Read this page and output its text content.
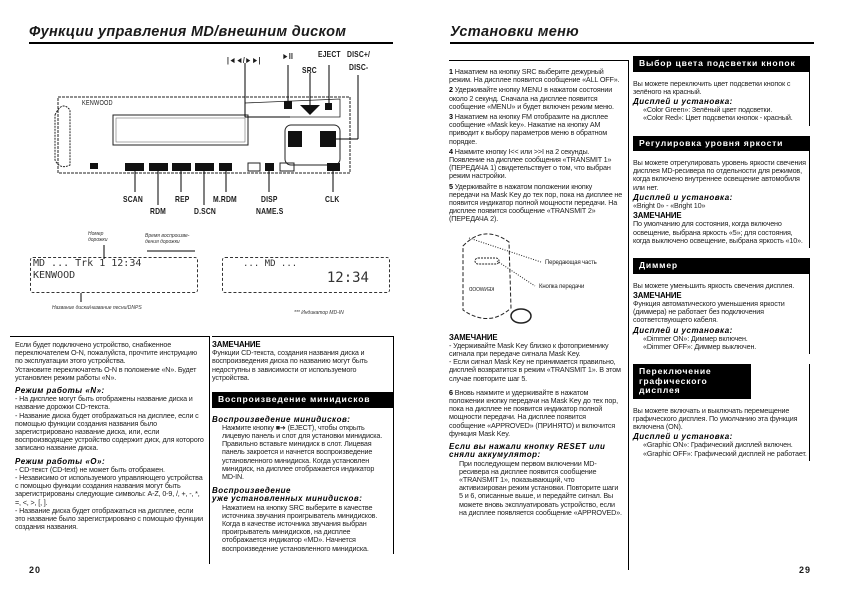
Функции управления MD/внешним диском
|◄◄/►►|	►II
SRC
EJECT DISC+/
DISC-
KENWOOD
SCAN
RDM
REP
D.SCN
M.RDM	DISP
NAME.S
CLK
Номер дорожки
Время воспроизве- дения дорожки
MD ... Trk 1 12:34
KENWOOD
Название диска/название песни/DNPS
... MD ...
12:34
*** Индикатор MD-IN
Если будет подключено устройство, снабженное переключателем O-N, пожалуйста, прочтите инструкцию по эксплуатации этого устройства.
Установите переключатель O-N в положение «N». Будет установлен режим работы «N».
Режим работы «N»:
- На дисплее могут быть отображены название диска и название дорожки CD-текста.
- Название диска будет отображаться на дисплее, если с помощью функции создания названия было зарегистрировано название диска, или, если воспроизводящее устройство содержит диск, для которого записано название диска.
Режим работы «O»:
- CD-текст (CD-text) не может быть отображен.
- Независимо от используемого управляющего устройства с помощью функции создания названия могут быть зарегистрированы следующие символы: A-Z, 0-9, /, +, -, *, =, <, >, [, ].
- Название диска будет отображаться на дисплее, если это название было зарегистрировано с помощью функции создания названия.
ЗАМЕЧАНИЕ
Функции CD-текста, создания названия диска и воспроизведения диска по названию могут быть недоступны в зависимости от используемого устройства.
Воспроизведение минидисков
Воспроизведение минидисков:
Нажмите кнопку ■➜ (EJECT), чтобы открыть лицевую панель и слот для установки минидиска. Правильно вставьте минидиск в слот. Лицевая панель закроется и начнется воспроизведение установленного минидиска. Когда установлен минидиск, на дисплее отображается индикатор MD-IN.
Воспроизведение
уже установленных минидисков:
Нажатием на кнопку SRC выберите в качестве источника звучания проигрыватель минидисков. Когда в качестве источника звучания выбран проигрыватель минидисков, на дисплее отображается индикатор «MD». Начнется воспроизведение установленного минидиска.
20
Установки меню
1 Нажатием на кнопку SRC выберите дежурный режим. На дисплее появится сообщение «ALL OFF».
2 Удерживайте кнопку MENU в нажатом состоянии около 2 секунд. Сначала на дисплее появится сообщение «MENU» и будет включен режим меню.
3 Нажатием на кнопку FM отобразите на дисплее сообщение «Mask key». Нажатие на кнопку AM приводит к выбору параметров меню в обратном порядке.
4 Нажмите кнопку I<< или >>I на 2 секунды. Появление на дисплее сообщения «TRANSMIT 1» (ПЕРЕДАЧА 1) свидетельствует о том, что выбран режим настройки.
5 Удерживайте в нажатом положении кнопку передачи на Mask Key до тех пор, пока на дисплее не появится индикатор полной мощности передачи. На дисплее появится сообщение «TRANSMIT 2» (ПЕРЕДАЧА 2).
KENWOOD
Передающая часть
Кнопка передачи
ЗАМЕЧАНИЕ
- Удерживайте Mask Key близко к фотоприемнику сигнала при передаче сигнала Mask Key.
- Если сигнал Mask Key не принимается правильно, дисплей возвратится в режим «TRANSMIT 1». В этом случае повторите шаг 5.
6 Вновь нажмите и удерживайте в нажатом положении кнопку передачи на Mask Key до тех пор, пока на дисплее не появится индикатор полной мощности передачи. На дисплее появится сообщение «APPROVED» (ПРИНЯТО) и включится функция Mask Key.
Если вы нажали кнопку RESET или сняли аккумулятор:
При последующем первом включении MD-ресивера на дисплее появится сообщение «TRANSMIT 1», показывающий, что активизирован режим установки. Повторите шаги 5 и 6, описанные выше, и передайте сигнал. Вы можете вновь эксплуатировать устройство, если на дисплее появляется сообщение «APPROVED».
Выбор цвета подсветки кнопок
Вы можете переключить цвет подсветки кнопок с зелёного на красный.
Дисплей и установка:
«Color Green»: Зелёный цвет подсветки.
«Color Red»: Цвет подсветки кнопок - красный.
Регулировка уровня яркости
Вы можете отрегулировать уровень яркости свечения дисплея MD-ресивера по отдельности для режимов, когда включено внутреннее освещение автомобиля или нет.
Дисплей и установка:
«Bright 0» - «Bright 10»
ЗАМЕЧАНИЕ
По умолчанию для состояния, когда включено освещение, выбрана яркость «5»; для состояния, когда выключено освещение, выбрана яркость «10».
Диммер
Вы можете уменьшить яркость свечения дисплея.
ЗАМЕЧАНИЕ
Функция автоматического уменьшения яркости (диммера) не работает без подключения соответствующего кабеля.
Дисплей и установка:
«Dimmer ON»: Диммер включен.
«Dimmer OFF»: Диммер выключен.
Переключение графического дисплея
Вы можете включать и выключать перемещение графического дисплея. По умолчанию эта функция включена (ON).
Дисплей и установка:
«Graphic ON»: Графический дисплей включен.
«Graphic OFF»: Графический дисплей не работает.
29
